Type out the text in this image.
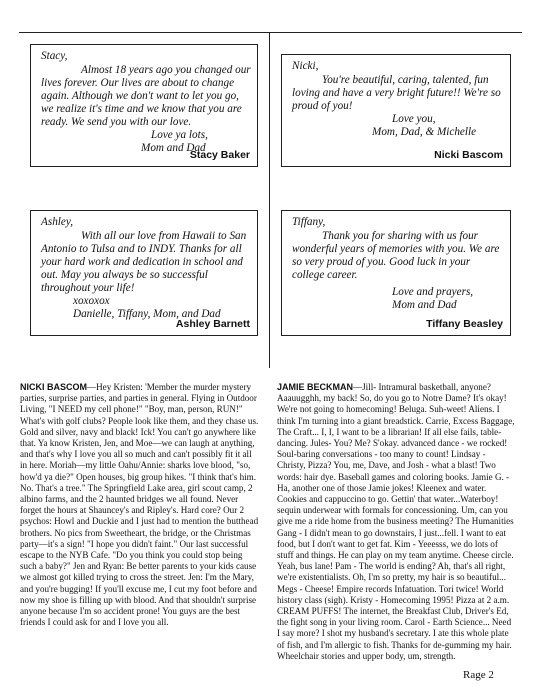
Stacy,
Almost 18 years ago you changed our lives forever. Our lives are about to change again. Although we don't want to let you go, we realize it's time and we know that you are ready. We send you with our love.
Love ya lots,
Mom and Dad
Stacy Baker
Nicki,
You're beautiful, caring, talented, fun loving and have a very bright future!! We're so proud of you!
Love you,
Mom, Dad, & Michelle
Nicki Bascom
Ashley,
With all our love from Hawaii to San Antonio to Tulsa and to INDY. Thanks for all your hard work and dedication in school and out. May you always be so successful throughout your life!
xoxoxox
Danielle, Tiffany, Mom, and Dad
Ashley Barnett
Tiffany,
Thank you for sharing with us four wonderful years of memories with you. We are so very proud of you. Good luck in your college career.
Love and prayers,
Mom and Dad
Tiffany Beasley
NICKI BASCOM—Hey Kristen: 'Member the murder mystery parties, surprise parties, and parties in general. Flying in Outdoor Living, "I NEED my cell phone!" "Boy, man, person, RUN!" What's with golf clubs? People look like them, and they chase us. Gold and silver, navy and black! Ick! You can't go anywhere like that. Ya know Kristen, Jen, and Moe—we can laugh at anything, and that's why I love you all so much and can't possibly fit it all in here. Moriah—my little Oahu/Annie: sharks love blood, "so, how'd ya die?" Open houses, big group hikes. "I think that's him. No. That's a tree." The Springfield Lake area, girl scout camp, 2 albino farms, and the 2 haunted bridges we all found. Never forget the hours at Shauncey's and Ripley's. Hard core? Our 2 psychos: Howl and Duckie and I just had to mention the butthead brothers. No pics from Sweetheart, the bridge, or the Christmas party—it's a sign! "I hope you didn't faint." Our last successful escape to the NYB Cafe. "Do you think you could stop being such a baby?" Jen and Ryan: Be better parents to your kids cause we almost got killed trying to cross the street. Jen: I'm the Mary, and you're bugging! If you'll excuse me, I cut my foot before and now my shoe is filling up with blood. And that shouldn't surprise anyone because I'm so accident prone! You guys are the best friends I could ask for and I love you all.
JAMIE BECKMAN—Jill- Intramural basketball, anyone? Aaauugghh, my back! So, do you go to Notre Dame? It's okay! We're not going to homecoming! Beluga. Suh-weet! Aliens. I think I'm turning into a giant breadstick. Carrie, Excess Baggage, The Craft... I, I, I want to be a librarian! If all else fails, table-dancing. Jules- You? Me? S'okay. advanced dance - we rocked! Soul-baring conversations - too many to count! Lindsay - Christy, Pizza? You, me, Dave, and Josh - what a blast! Two words: hair dye. Baseball games and coloring books. Jamie G. - Ha, another one of those Jamie jokes! Kleenex and water. Cookies and cappuccino to go. Gettin' that water...Waterboy! sequin underwear with formals for concessioning. Um, can you give me a ride home from the business meeting? The Humanities Gang - I didn't mean to go downstairs, I just...fell. I want to eat food, but I don't want to get fat. Kim - Yeeesss, we do lots of stuff and things. He can play on my team anytime. Cheese circle. Yeah, bus lane! Pam - The world is ending? Ah, that's all right, we're existentialists. Oh, I'm so pretty, my hair is so beautiful... Megs - Cheese! Empire records Infatuation. Tori twice! World history class (sigh). Kristy - Homecoming 1995! Pizza at 2 a.m. CREAM PUFFS! The internet, the Breakfast Club, Driver's Ed, the fight song in your living room. Carol - Earth Science... Need I say more? I shot my husband's secretary. I ate this whole plate of fish, and I'm allergic to fish. Thanks for de-gumming my hair. Wheelchair stories and upper body, um, strength.
Rage 2
